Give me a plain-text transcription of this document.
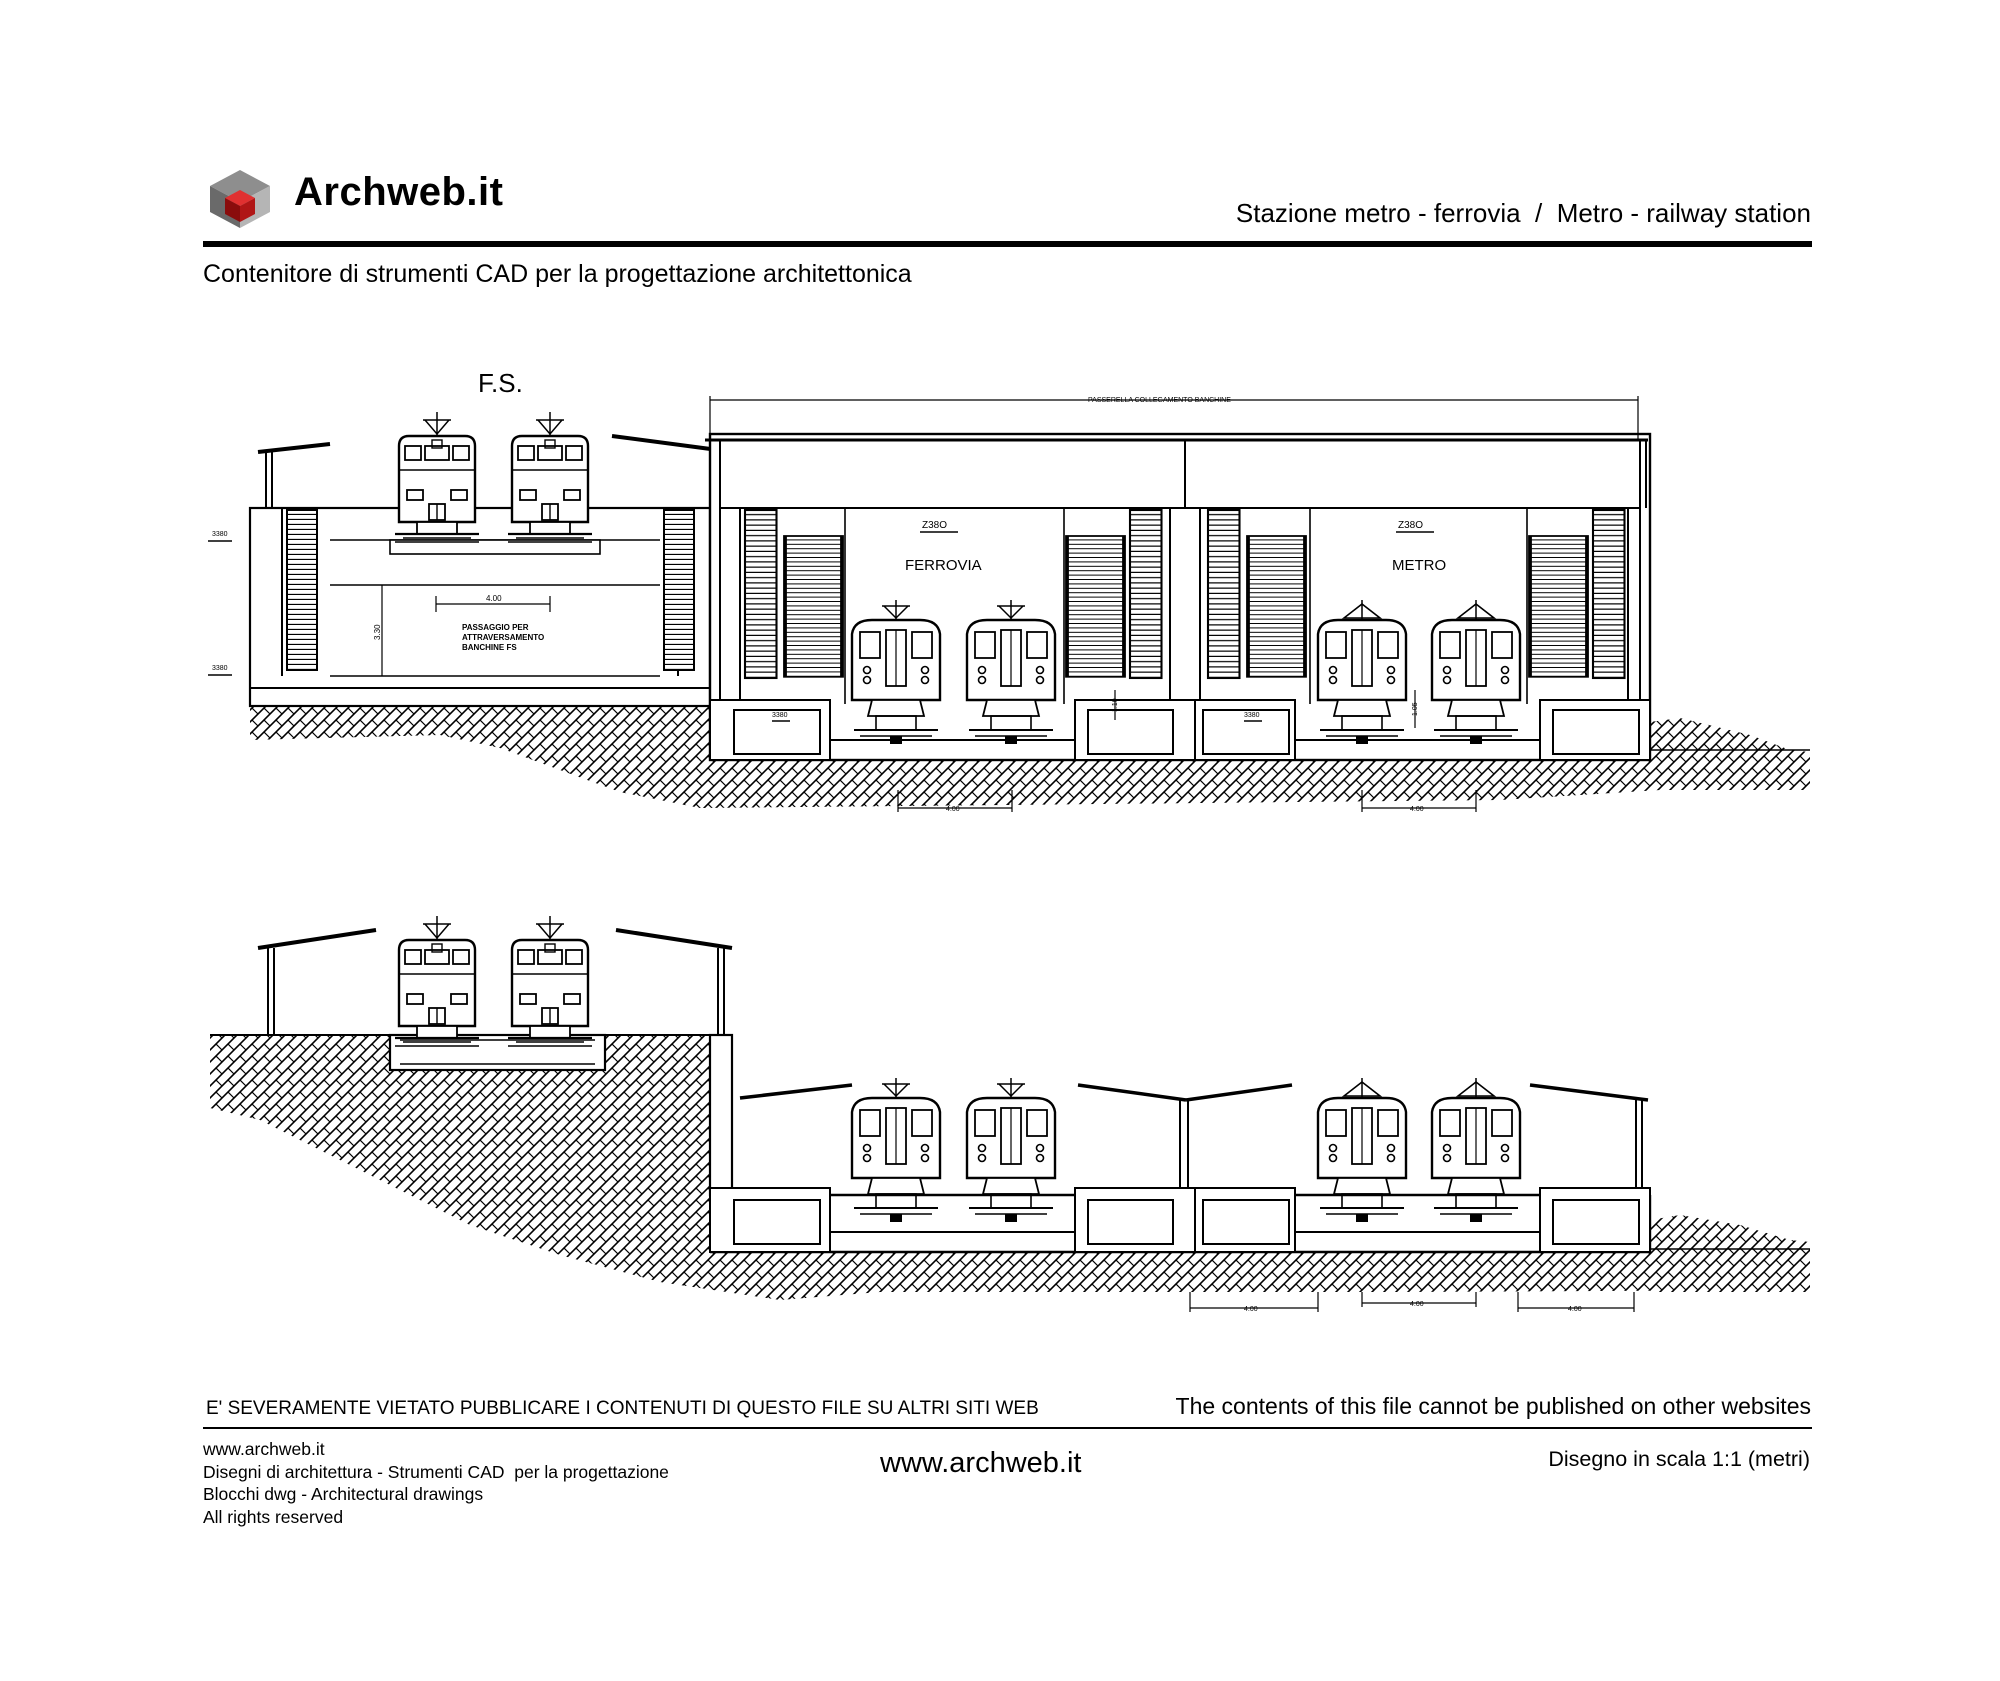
F.S.
4.00
3.30	PASSAGGIO PER
ATTRAVERSAMENTO
BANCHINE FS
3380
3380
PASSERELLA COLLEGAMENTO BANCHINE
Z38O	Z38O
FERROVIA	METRO
3380	3380
1.10	1.05
4.00	4.00
4.00
4.00
4.00
Archweb.it	Stazione metro - ferrovia  /  Metro - railway station
Contenitore di strumenti CAD per la progettazione architettonica
E' SEVERAMENTE VIETATO PUBBLICARE I CONTENUTI DI QUESTO FILE SU ALTRI SITI WEB	The contents of this file cannot be published on other websites
www.archweb.it
Disegni di architettura - Strumenti CAD  per la progettazione
Blocchi dwg - Architectural drawings
All rights reserved
www.archweb.it	Disegno in scala 1:1 (metri)
